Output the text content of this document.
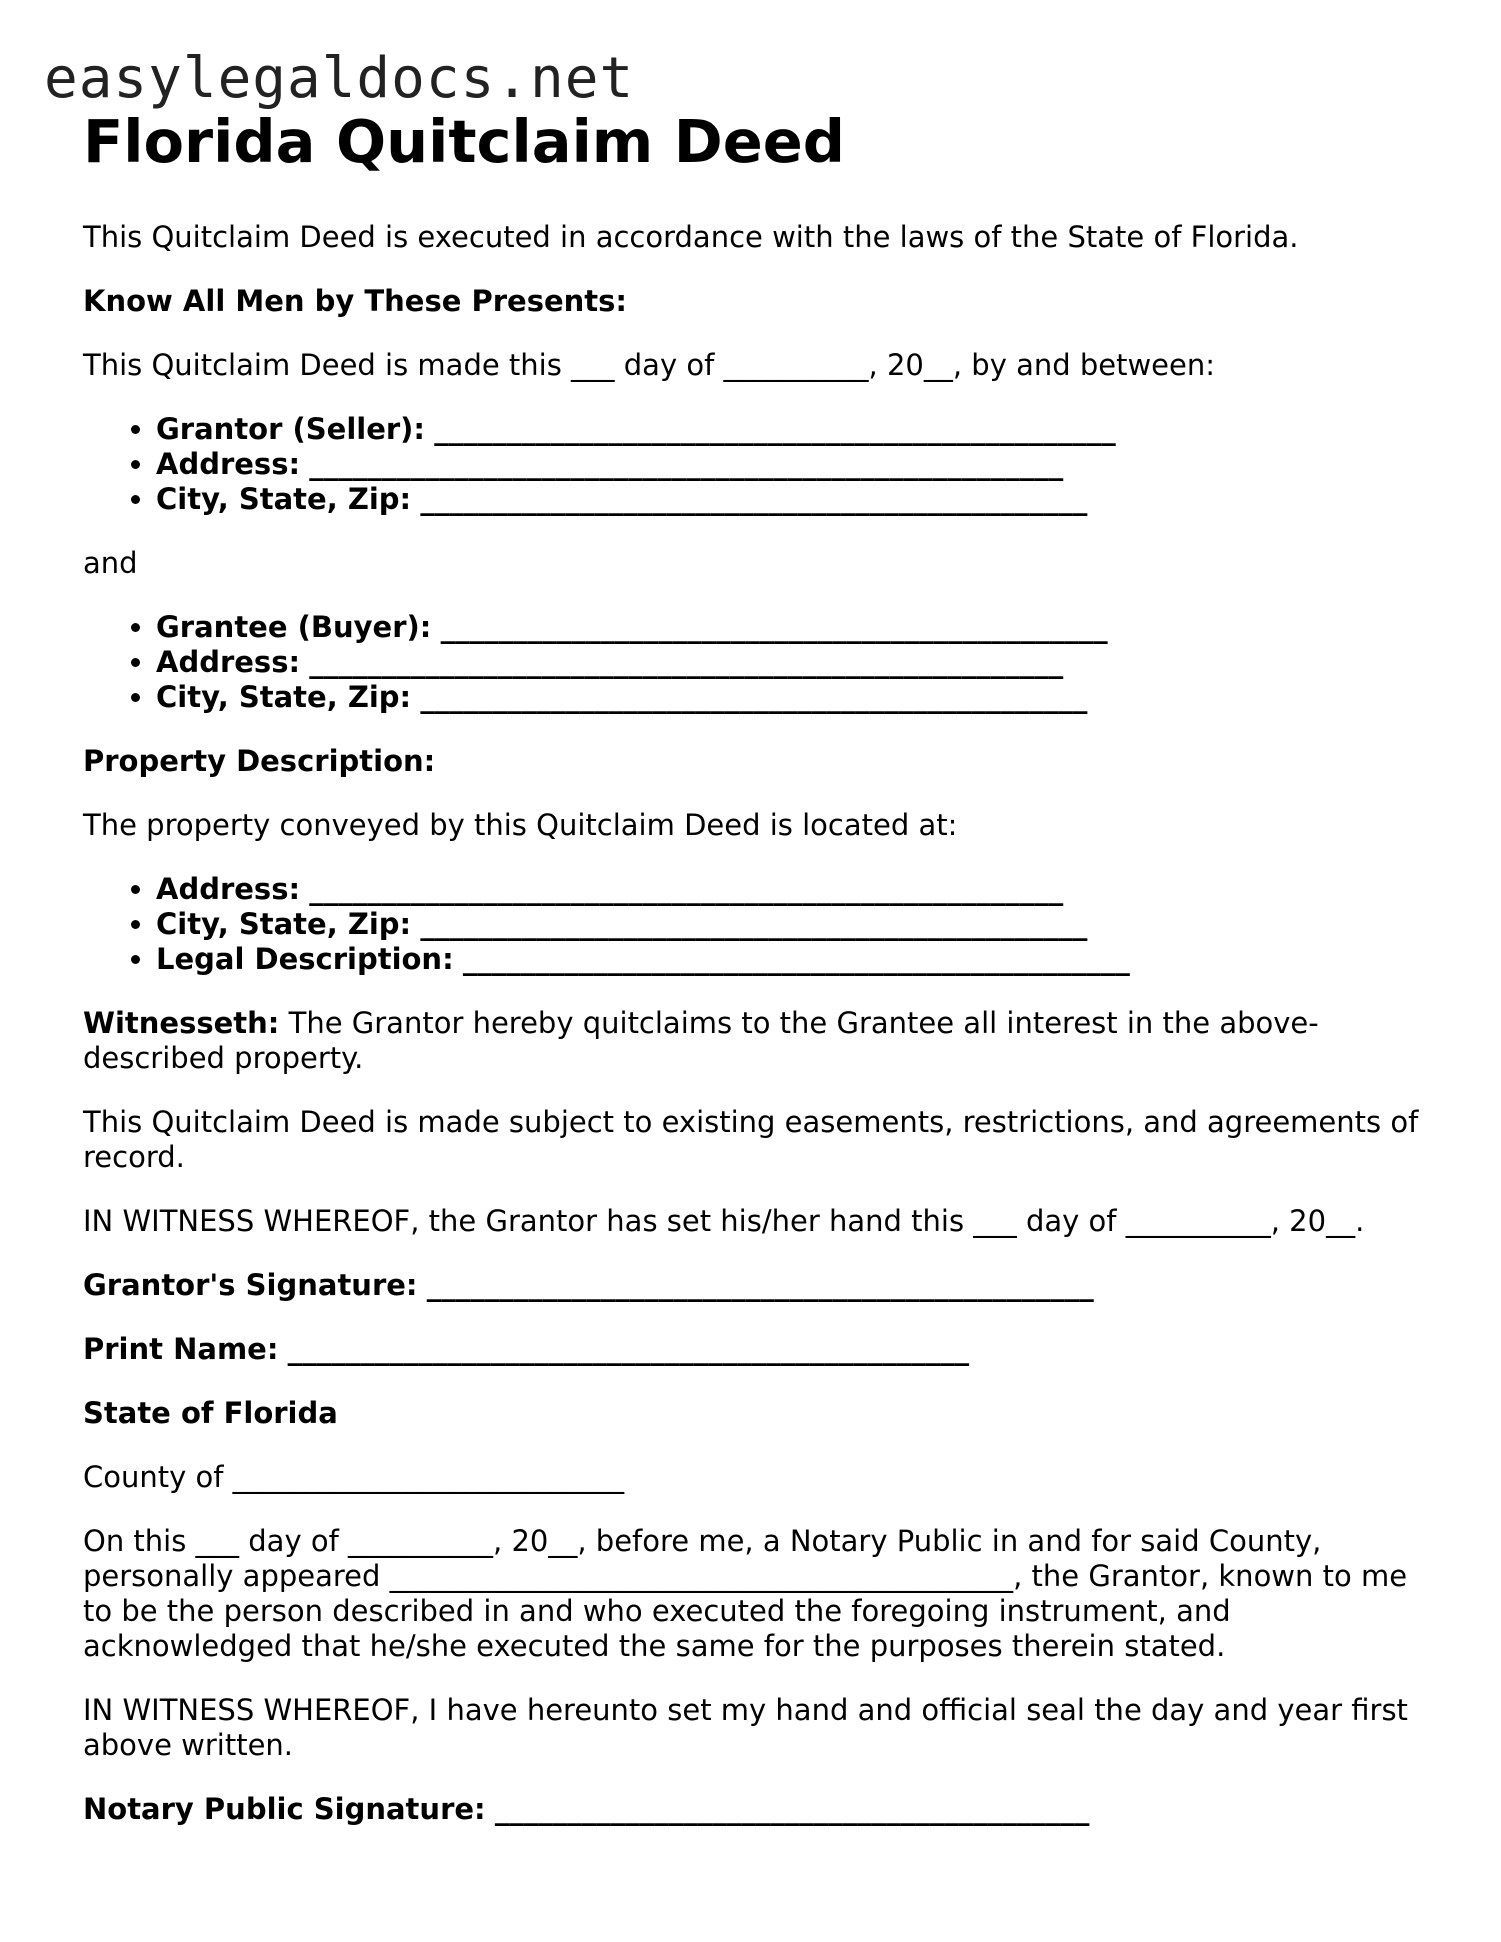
easylegaldocs.net
Florida Quitclaim Deed

This Quitclaim Deed is executed in accordance with the laws of the State of Florida.

Know All Men by These Presents:

This Quitclaim Deed is made this ___ day of __________, 20__, by and between:

• Grantor (Seller): _______________________________________________
• Address: ____________________________________________________
• City, State, Zip: ______________________________________________

and

• Grantee (Buyer): ______________________________________________
• Address: ____________________________________________________
• City, State, Zip: ______________________________________________

Property Description:

The property conveyed by this Quitclaim Deed is located at:

• Address: ____________________________________________________
• City, State, Zip: ______________________________________________
• Legal Description: ______________________________________________

Witnesseth: The Grantor hereby quitclaims to the Grantee all interest in the above-described property.

This Quitclaim Deed is made subject to existing easements, restrictions, and agreements of record.

IN WITNESS WHEREOF, the Grantor has set his/her hand this ___ day of __________, 20__.

Grantor's Signature: ______________________________________________

Print Name: _______________________________________________

State of Florida

County of ___________________________

On this ___ day of __________, 20__, before me, a Notary Public in and for said County, personally appeared ___________________________________________, the Grantor, known to me to be the person described in and who executed the foregoing instrument, and acknowledged that he/she executed the same for the purposes therein stated.

IN WITNESS WHEREOF, I have hereunto set my hand and official seal the day and year first above written.

Notary Public Signature: _________________________________________
